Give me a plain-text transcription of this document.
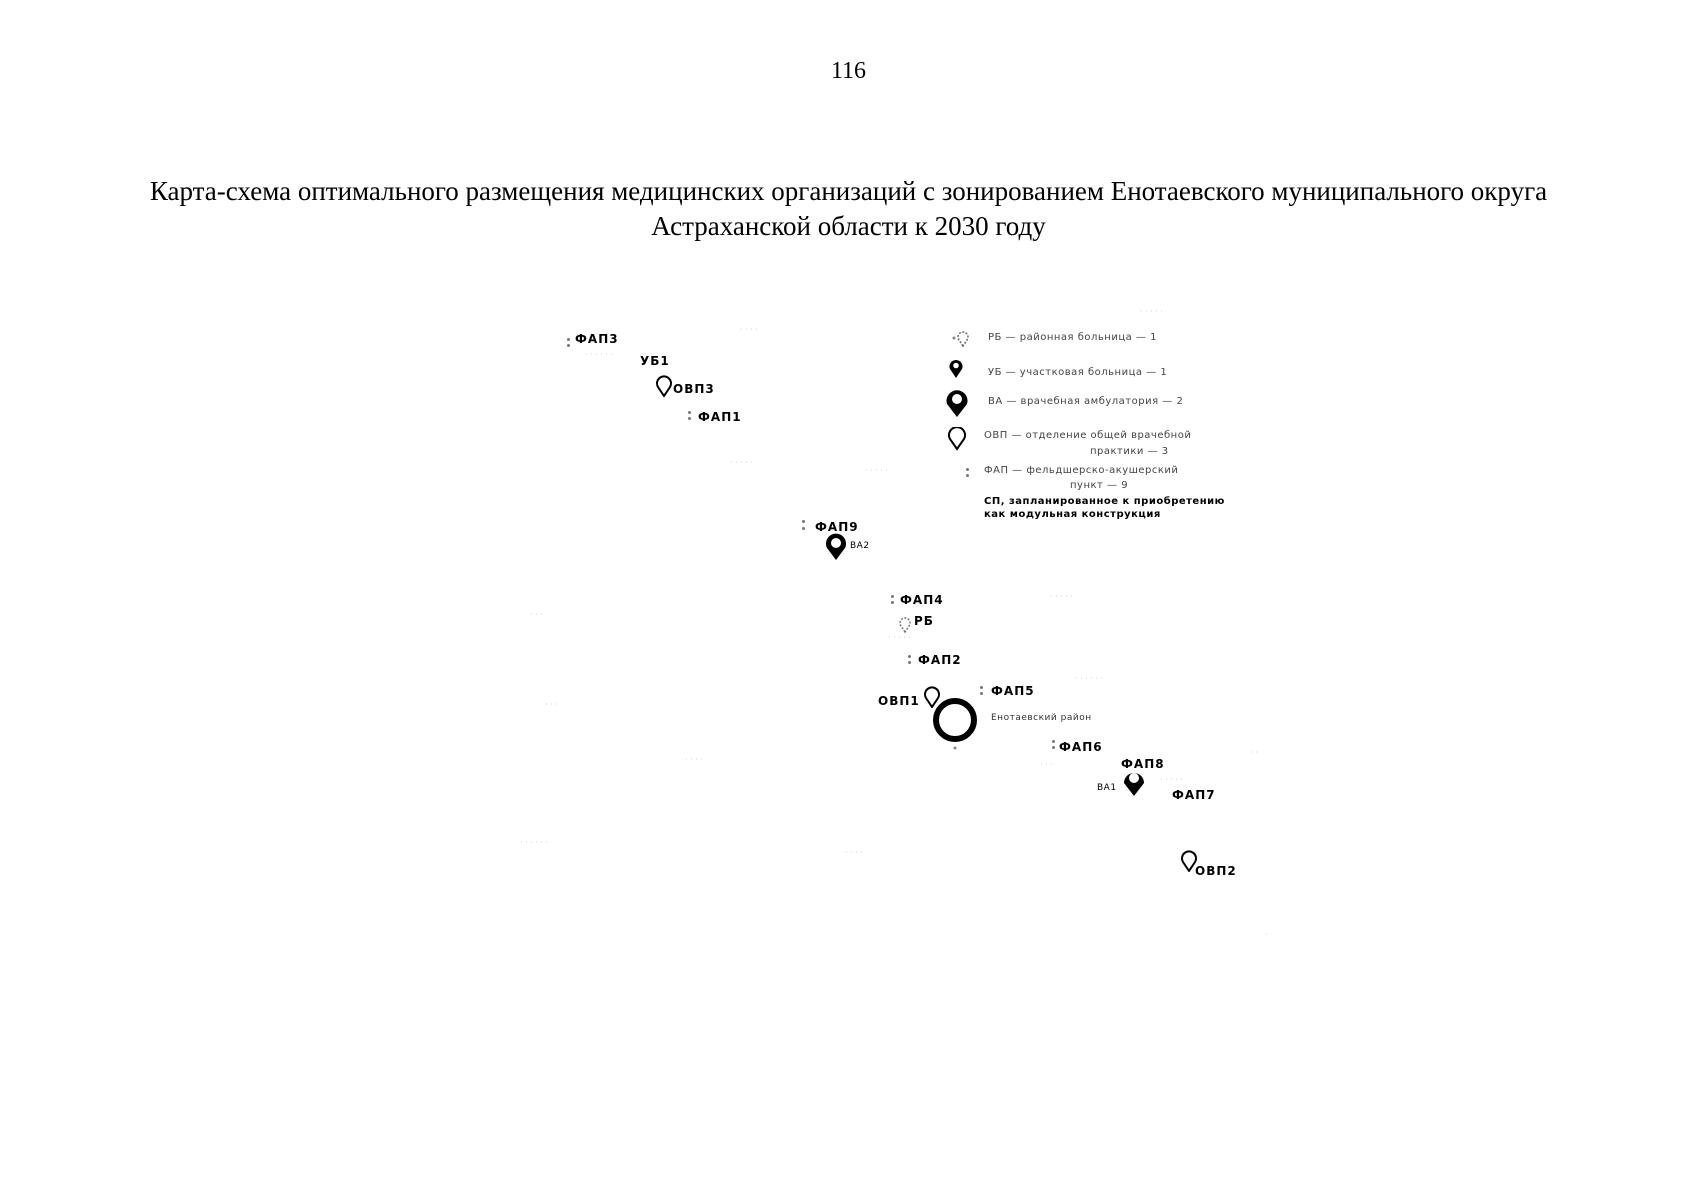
116
Карта-схема оптимального размещения медицинских организаций с зонированием Енотаевского муниципального округа
Астраханской области к 2030 году
· · · ·
· · · · ·
· · · · ·
· · · · ·
· · · · ·
· · ·
· · · · · ·
· · ·
· · · ·
· ·
· · · · · ·
· · · ·
· · ·
· · · · ·
·
ФАП3
· · · · · · УБ1
ОВП3
ФАП1
ФАП9
ВА2
ФАП4
РБ
· · · · ·
ФАП2
ФАП5
ОВП1
Енотаевский район
ФАП6
ФАП8
ВА1	ФАП7
ОВП2
РБ — районная больница — 1
УБ — участковая больница — 1
ВА — врачебная амбулатория — 2
ОВП — отделение общей врачебной
практики — 3
ФАП — фельдшерско-акушерский
пункт — 9
СП, запланированное к приобретению
как модульная конструкция
